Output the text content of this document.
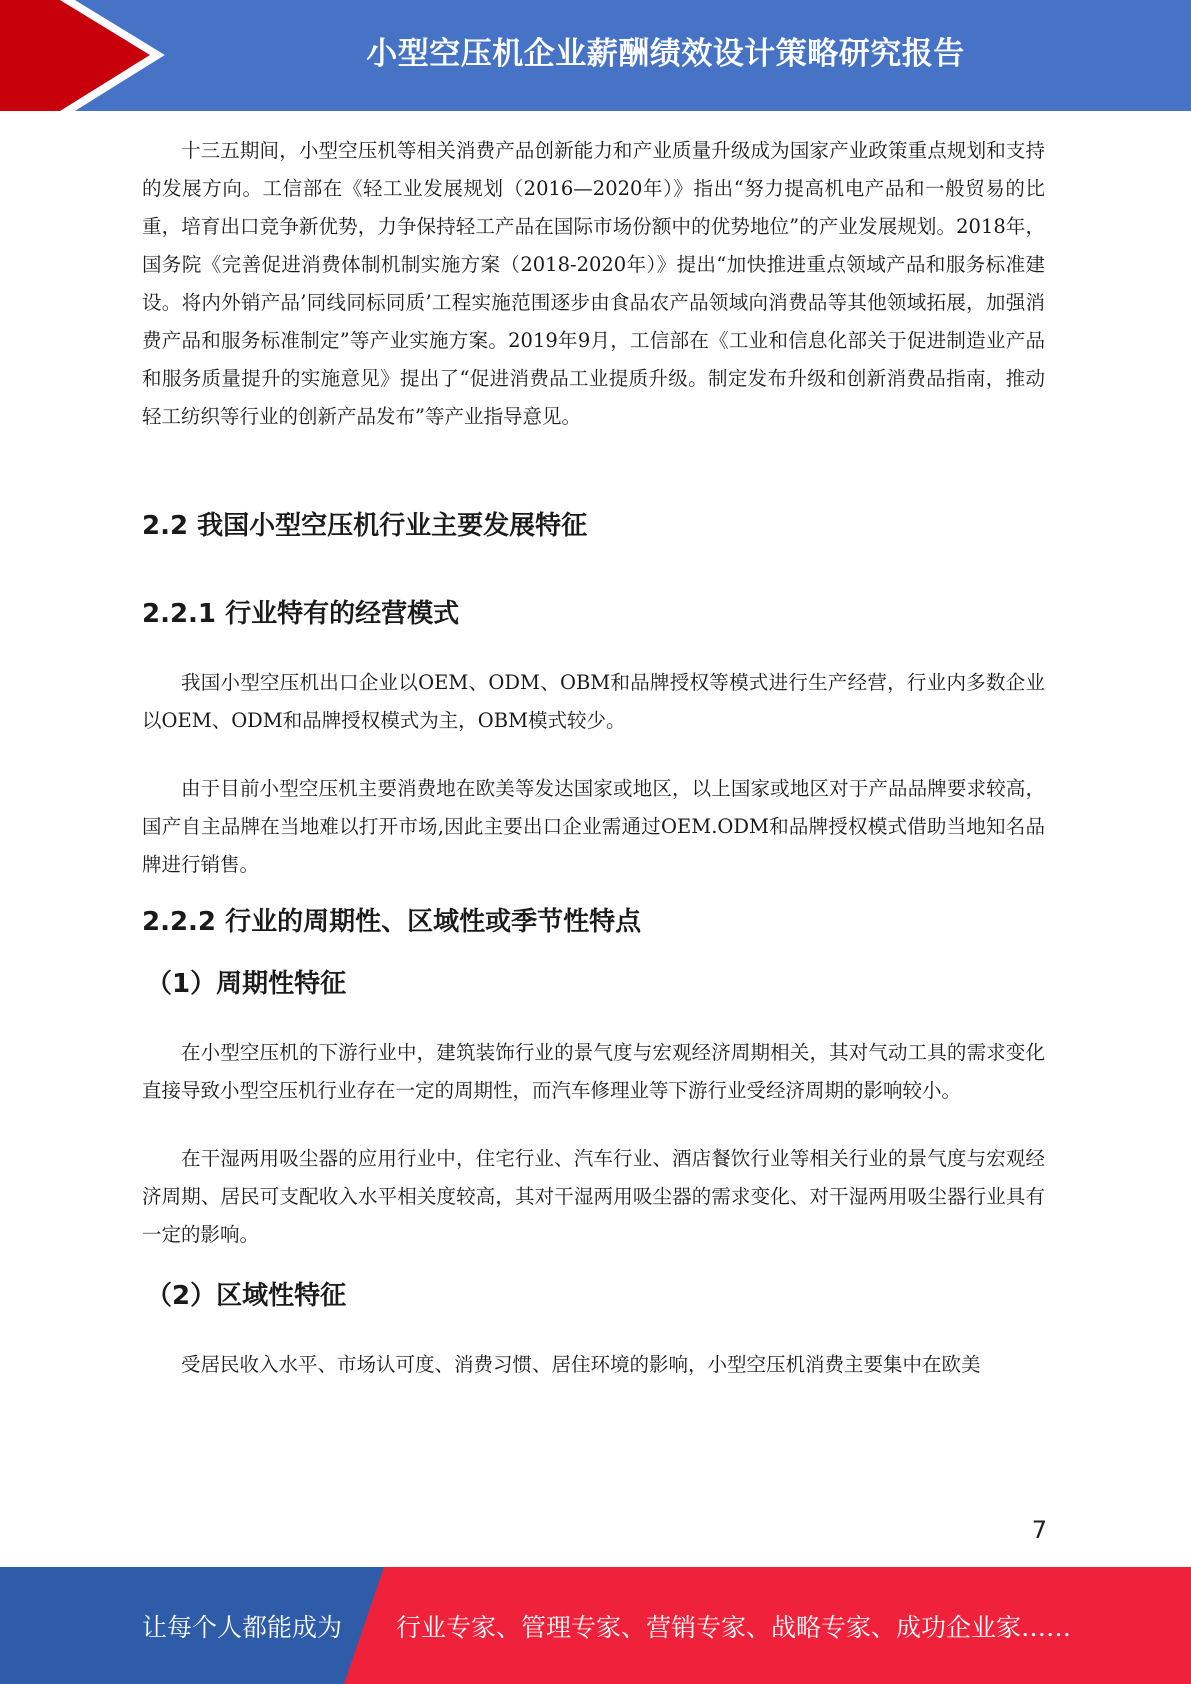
小型空压机企业薪酬绩效设计策略研究报告

十三五期间，小型空压机等相关消费产品创新能力和产业质量升级成为国家产业政策重点规划和支持的发展方向。工信部在《轻工业发展规划（2016—2020年）》指出“努力提高机电产品和一般贸易的比重，培育出口竞争新优势，力争保持轻工产品在国际市场份额中的优势地位”的产业发展规划。2018年，国务院《完善促进消费体制机制实施方案（2018-2020年）》提出“加快推进重点领域产品和服务标准建设。将内外销产品’同线同标同质’工程实施范围逐步由食品农产品领域向消费品等其他领域拓展，加强消费产品和服务标准制定”等产业实施方案。2019年9月，工信部在《工业和信息化部关于促进制造业产品和服务质量提升的实施意见》提出了“促进消费品工业提质升级。制定发布升级和创新消费品指南，推动轻工纺织等行业的创新产品发布”等产业指导意见。

2.2 我国小型空压机行业主要发展特征
2.2.1 行业特有的经营模式

我国小型空压机出口企业以OEM、ODM、OBM和品牌授权等模式进行生产经营，行业内多数企业以OEM、ODM和品牌授权模式为主，OBM模式较少。

由于目前小型空压机主要消费地在欧美等发达国家或地区，以上国家或地区对于产品品牌要求较高，国产自主品牌在当地难以打开市场,因此主要出口企业需通过OEM.ODM和品牌授权模式借助当地知名品牌进行销售。

2.2.2 行业的周期性、区域性或季节性特点
（1）周期性特征

在小型空压机的下游行业中，建筑装饰行业的景气度与宏观经济周期相关，其对气动工具的需求变化直接导致小型空压机行业存在一定的周期性，而汽车修理业等下游行业受经济周期的影响较小。

在干湿两用吸尘器的应用行业中，住宅行业、汽车行业、酒店餐饮行业等相关行业的景气度与宏观经济周期、居民可支配收入水平相关度较高，其对干湿两用吸尘器的需求变化、对干湿两用吸尘器行业具有一定的影响。

（2）区域性特征

受居民收入水平、市场认可度、消费习惯、居住环境的影响，小型空压机消费主要集中在欧美

7
让每个人都能成为 行业专家、管理专家、营销专家、战略专家、成功企业家……
